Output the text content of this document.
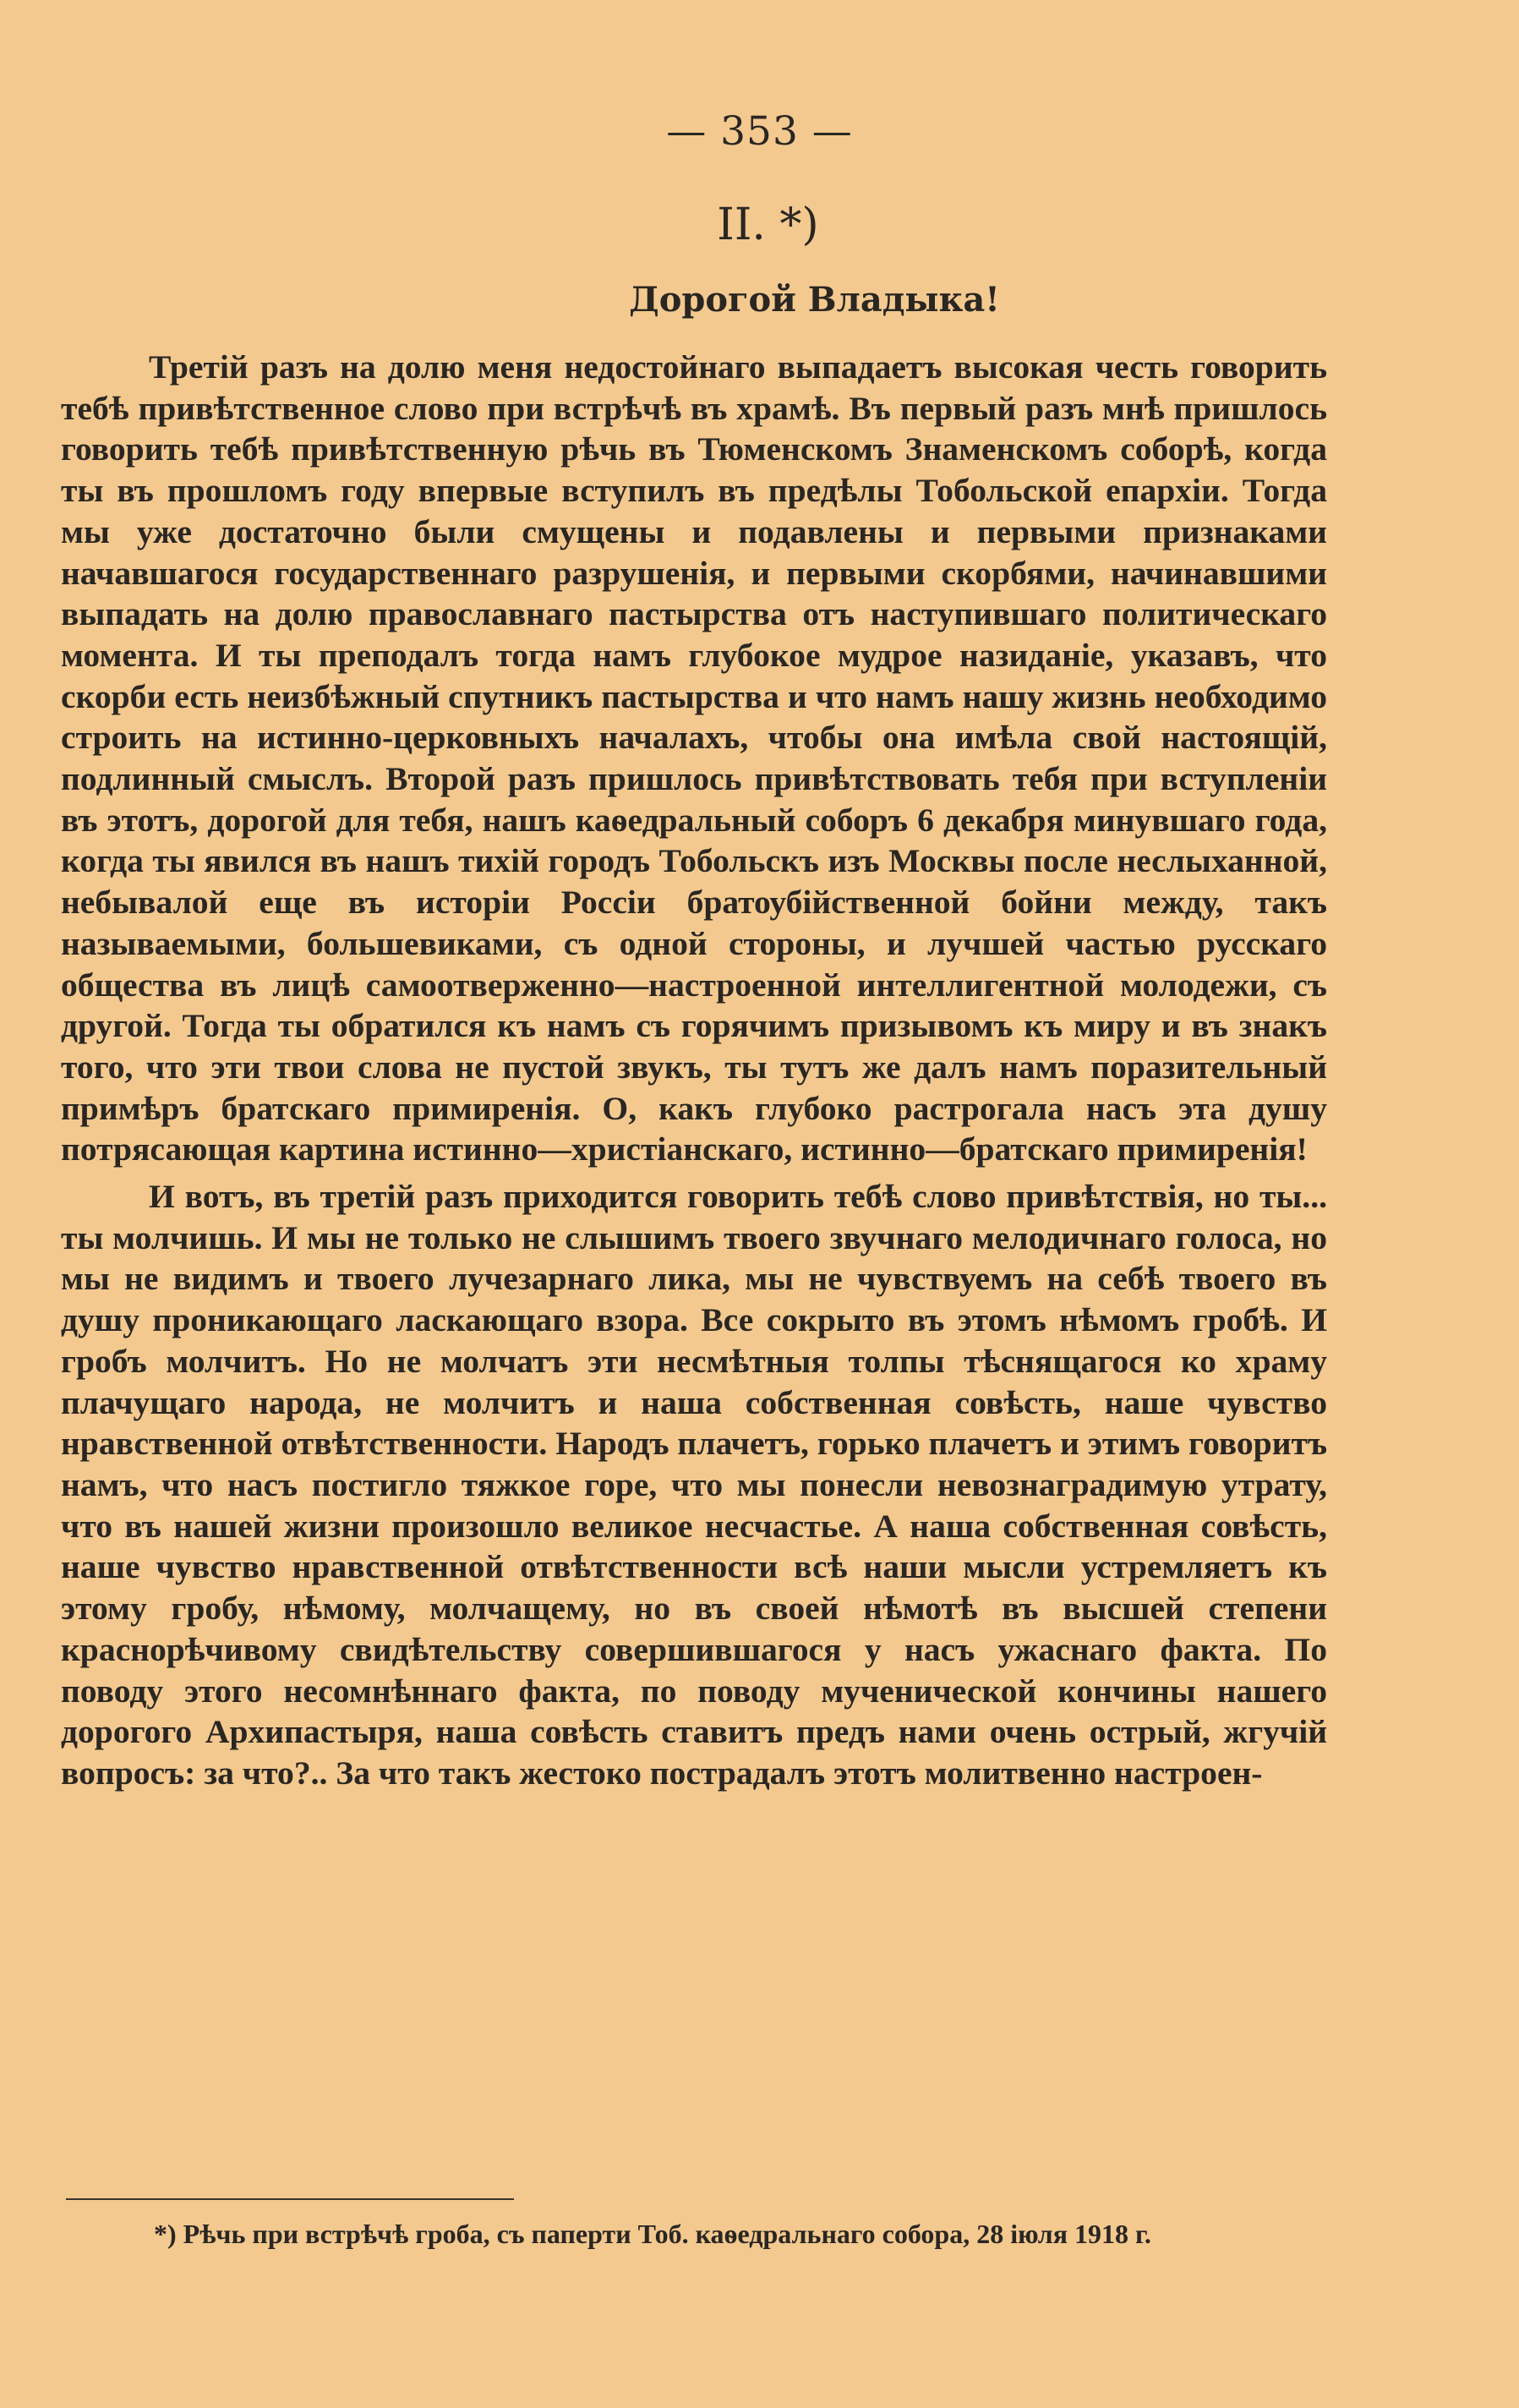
— 353 —
II. *)
Дорогой Владыка!

Третій разъ на долю меня недостойнаго выпадаетъ высокая честь говорить тебѣ привѣтственное слово при встрѣчѣ въ храмѣ. Въ первый разъ мнѣ пришлось говорить тебѣ привѣтственную рѣчь въ Тюменскомъ Знаменскомъ соборѣ, когда ты въ прошломъ году впервые вступилъ въ предѣлы Тобольской епархіи. Тогда мы уже достаточно были смущены и подавлены и первыми признаками начавшагося государственнаго разрушенія, и первыми скорбями, начинавшими выпадать на долю православнаго пастырства отъ наступившаго политическаго момента. И ты преподалъ тогда намъ глубокое мудрое назиданіе, указавъ, что скорби есть неизбѣжный спутникъ пастырства и что намъ нашу жизнь необходимо строить на истинно-церковныхъ началахъ, чтобы она имѣла свой настоящій, подлинный смыслъ. Второй разъ пришлось привѣтствовать тебя при вступленіи въ этотъ, дорогой для тебя, нашъ каѳедральный соборъ 6 декабря минувшаго года, когда ты явился въ нашъ тихій городъ Тобольскъ изъ Москвы после неслыханной, небывалой еще въ исторіи Россіи братоубійственной бойни между, такъ называемыми, большевиками, съ одной стороны, и лучшей частью русскаго общества въ лицѣ самоотверженно—настроенной интеллигентной молодежи, съ другой. Тогда ты обратился къ намъ съ горячимъ призывомъ къ миру и въ знакъ того, что эти твои слова не пустой звукъ, ты тутъ же далъ намъ поразительный примѣръ братскаго примиренія. О, какъ глубоко растрогала насъ эта душу потрясающая картина истинно—христіанскаго, истинно—братскаго примиренія!

И вотъ, въ третій разъ приходится говорить тебѣ слово привѣтствія, но ты... ты молчишь. И мы не только не слышимъ твоего звучнаго мелодичнаго голоса, но мы не видимъ и твоего лучезарнаго лика, мы не чувствуемъ на себѣ твоего въ душу проникающаго ласкающаго взора. Все сокрыто въ этомъ нѣмомъ гробѣ. И гробъ молчитъ. Но не молчатъ эти несмѣтныя толпы тѣснящагося ко храму плачущаго народа, не молчитъ и наша собственная совѣсть, наше чувство нравственной отвѣтственности. Народъ плачетъ, горько плачетъ и этимъ говоритъ намъ, что насъ постигло тяжкое горе, что мы понесли невознаградимую утрату, что въ нашей жизни произошло великое несчастье. А наша собственная совѣсть, наше чувство нравственной отвѣтственности всѣ наши мысли устремляетъ къ этому гробу, нѣмому, молчащему, но въ своей нѣмотѣ въ высшей степени краснорѣчивому свидѣтельству совершившагося у насъ ужаснаго факта. По поводу этого несомнѣннаго факта, по поводу мученической кончины нашего дорогого Архипастыря, наша совѣсть ставитъ предъ нами очень острый, жгучій вопросъ: за что?.. За что такъ жестоко пострадалъ этотъ молитвенно настроен-

*) Рѣчь при встрѣчѣ гроба, съ паперти Тоб. каѳедральнаго собора, 28 іюля 1918 г.
